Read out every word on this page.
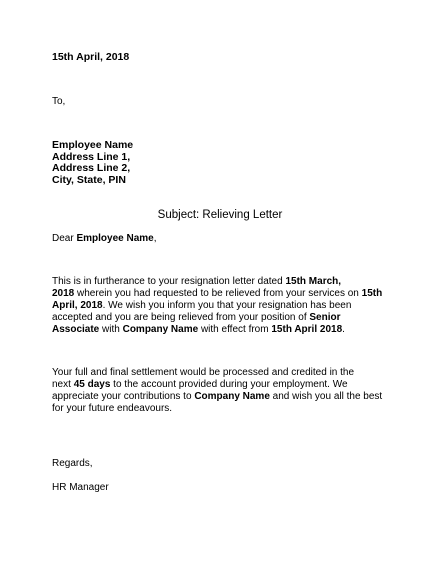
15th April, 2018
To,
Employee Name
Address Line 1,
Address Line 2,
City, State, PIN
Subject: Relieving Letter
Dear Employee Name,
This is in furtherance to your resignation letter dated 15th March,
2018 wherein you had requested to be relieved from your services on 15th
April, 2018. We wish you inform you that your resignation has been
accepted and you are being relieved from your position of Senior
Associate with Company Name with effect from 15th April 2018.
Your full and final settlement would be processed and credited in the
next 45 days to the account provided during your employment. We
appreciate your contributions to Company Name and wish you all the best
for your future endeavours.
Regards,
HR Manager
